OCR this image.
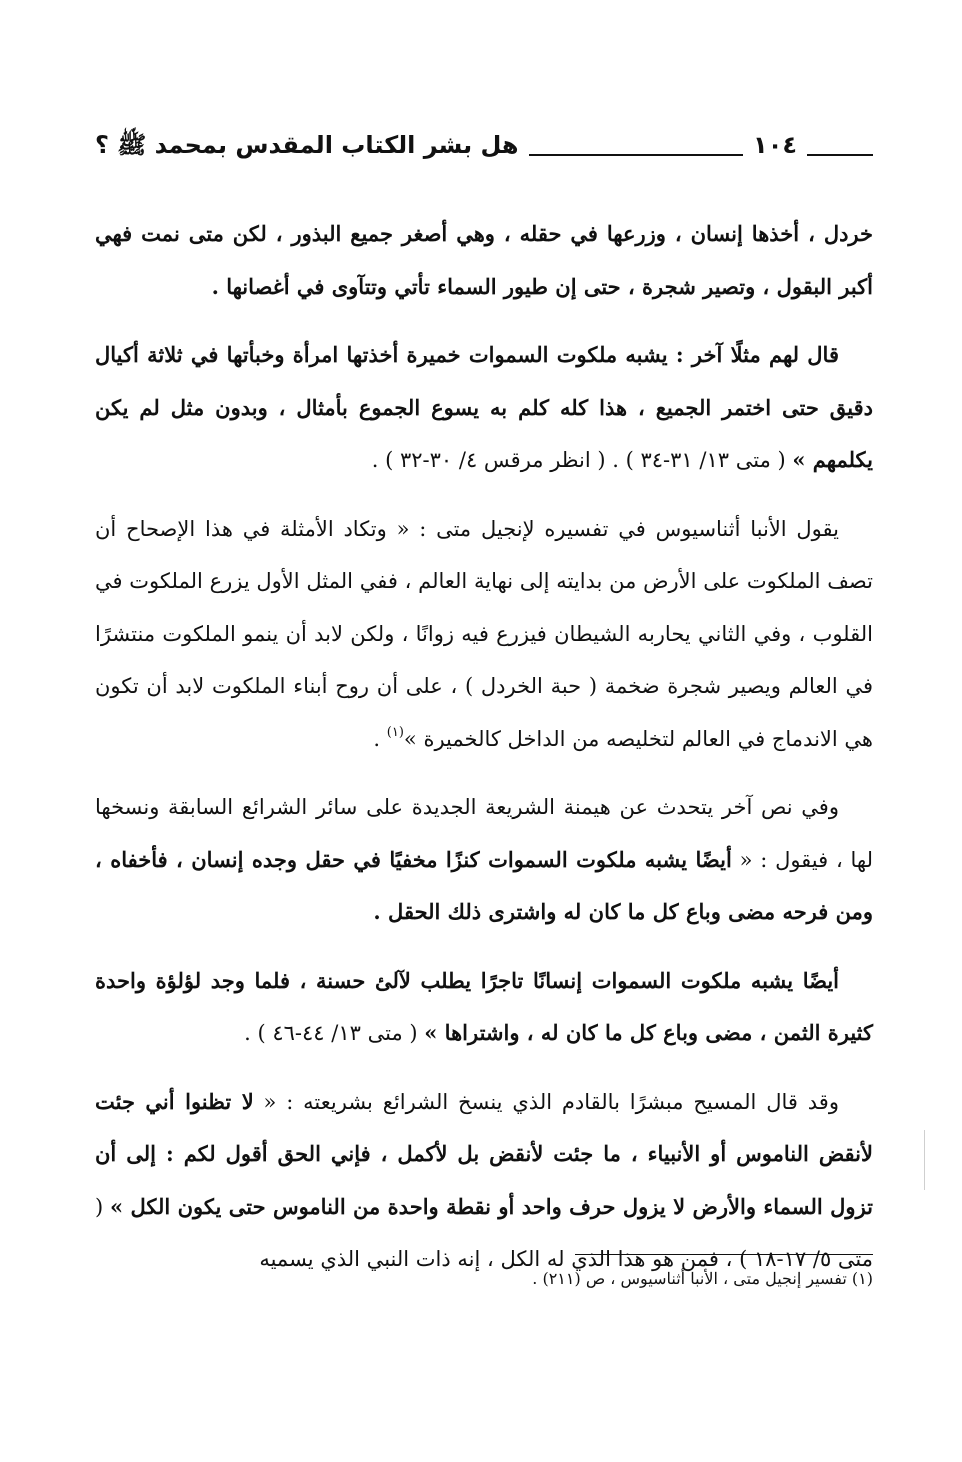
هل بشر الكتاب المقدس بمحمد ﷺ ؟	١٠٤

خردل ، أخذها إنسان ، وزرعها في حقله ، وهي أصغر جميع البذور ، لكن متى نمت فهي أكبر البقول ، وتصير شجرة ، حتى إن طيور السماء تأتي وتتآوى في أغصانها .

قال لهم مثلًا آخر : يشبه ملكوت السموات خميرة أخذتها امرأة وخبأتها في ثلاثة أكيال دقيق حتى اختمر الجميع ، هذا كله كلم به يسوع الجموع بأمثال ، وبدون مثل لم يكن يكلمهم » ( متى ١٣/ ٣١-٣٤ ) . ( انظر مرقس ٤/ ٣٠-٣٢ ) .

يقول الأنبا أثناسيوس في تفسيره لإنجيل متى : « وتكاد الأمثلة في هذا الإصحاح أن تصف الملكوت على الأرض من بدايته إلى نهاية العالم ، ففي المثل الأول يزرع الملكوت في القلوب ، وفي الثاني يحاربه الشيطان فيزرع فيه زوانًا ، ولكن لابد أن ينمو الملكوت منتشرًا في العالم ويصير شجرة ضخمة ( حبة الخردل ) ، على أن روح أبناء الملكوت لابد أن تكون هي الاندماج في العالم لتخليصه من الداخل كالخميرة »$^{(١)}$ .

وفي نص آخر يتحدث عن هيمنة الشريعة الجديدة على سائر الشرائع السابقة ونسخها لها ، فيقول : « أيضًا يشبه ملكوت السموات كنزًا مخفيًا في حقل وجده إنسان ، فأخفاه ، ومن فرحه مضى وباع كل ما كان له واشترى ذلك الحقل .

أيضًا يشبه ملكوت السموات إنسانًا تاجرًا يطلب لآلئ حسنة ، فلما وجد لؤلؤة واحدة كثيرة الثمن ، مضى وباع كل ما كان له ، واشتراها » ( متى ١٣/ ٤٤-٤٦ ) .

وقد قال المسيح مبشرًا بالقادم الذي ينسخ الشرائع بشريعته : « لا تظنوا أني جئت لأنقض الناموس أو الأنبياء ، ما جئت لأنقض بل لأكمل ، فإني الحق أقول لكم : إلى أن تزول السماء والأرض لا يزول حرف واحد أو نقطة واحدة من الناموس حتى يكون الكل » ( متى ٥/ ١٧-١٨ ) ، فمن هو هذا الذي له الكل ، إنه ذات النبي الذي يسميه

(١) تفسير إنجيل متى ، الأنبا أثناسيوس ، ص (٢١١) .
